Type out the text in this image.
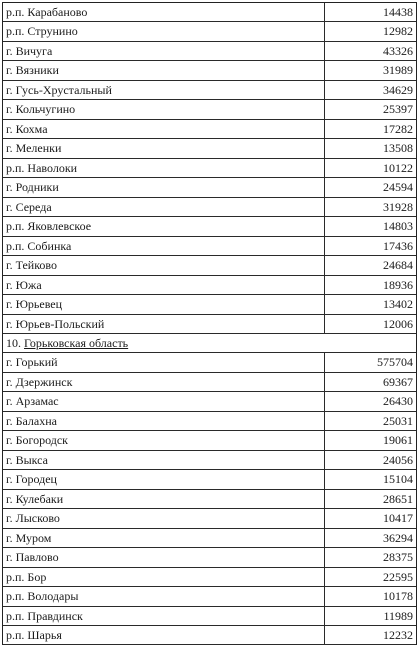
р.п. Карабаново	14438
р.п. Струнино	12982
г. Вичуга	43326
г. Вязники	31989
г. Гусь-Хрустальный	34629
г. Кольчугино	25397
г. Кохма	17282
г. Меленки	13508
р.п. Наволоки	10122
г. Родники	24594
г. Середа	31928
р.п. Яковлевское	14803
р.п. Собинка	17436
г. Тейково	24684
г. Южа	18936
г. Юрьевец	13402
г. Юрьев-Польский	12006
10. Горьковская область
г. Горький	575704
г. Дзержинск	69367
г. Арзамас	26430
г. Балахна	25031
г. Богородск	19061
г. Выкса	24056
г. Городец	15104
г. Кулебаки	28651
г. Лысково	10417
г. Муром	36294
г. Павлово	28375
р.п. Бор	22595
р.п. Володары	10178
р.п. Правдинск	11989
р.п. Шарья	12232
